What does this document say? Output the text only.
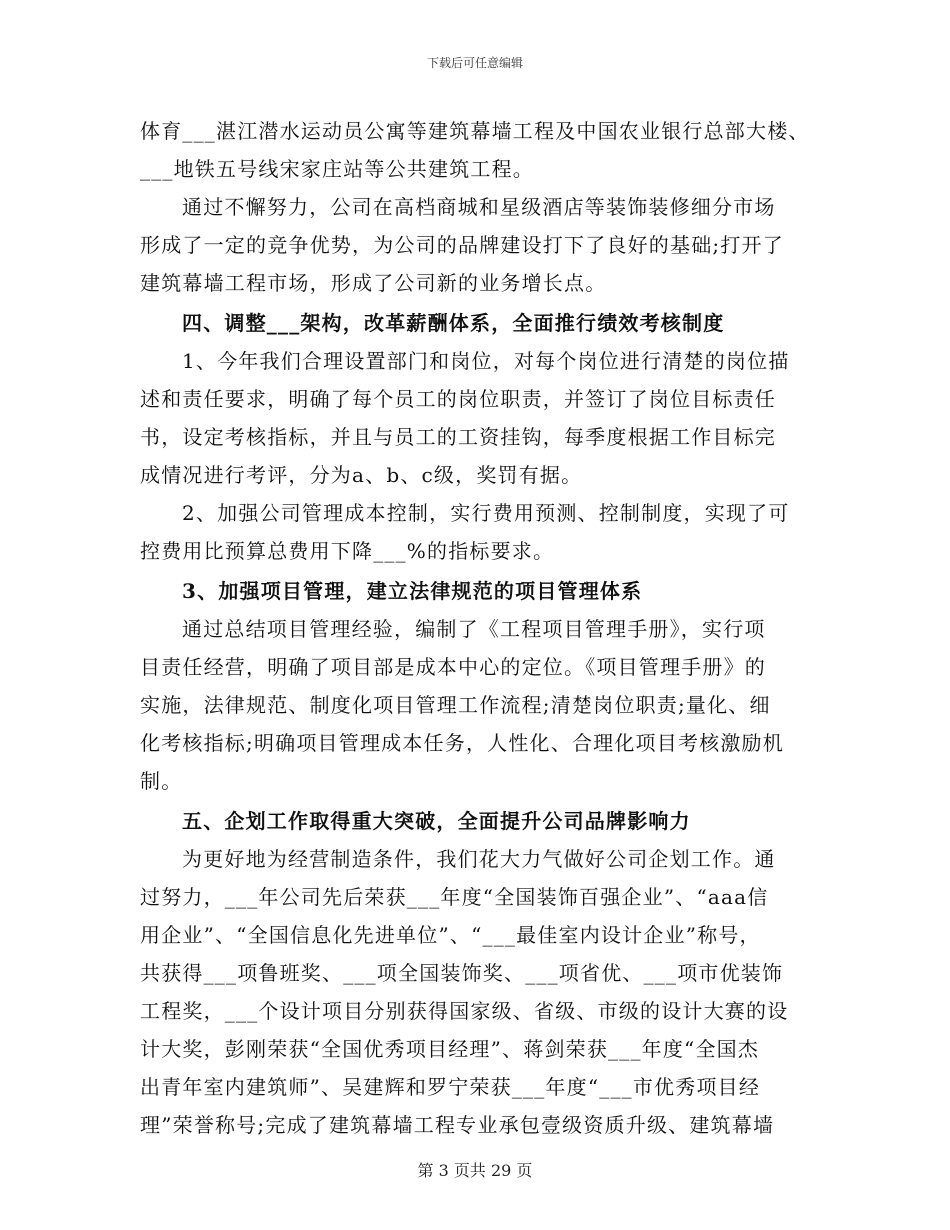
下载后可任意编辑
体育___湛江潜水运动员公寓等建筑幕墙工程及中国农业银行总部大楼、
___地铁五号线宋家庄站等公共建筑工程。
通过不懈努力，公司在高档商城和星级酒店等装饰装修细分市场
形成了一定的竞争优势，为公司的品牌建设打下了良好的基础;打开了
建筑幕墙工程市场，形成了公司新的业务增长点。
四、调整___架构，改革薪酬体系，全面推行绩效考核制度
1、今年我们合理设置部门和岗位，对每个岗位进行清楚的岗位描
述和责任要求，明确了每个员工的岗位职责，并签订了岗位目标责任
书，设定考核指标，并且与员工的工资挂钩，每季度根据工作目标完
成情况进行考评，分为a、b、c级，奖罚有据。
2、加强公司管理成本控制，实行费用预测、控制制度，实现了可
控费用比预算总费用下降___%的指标要求。
3、加强项目管理，建立法律规范的项目管理体系
通过总结项目管理经验，编制了《工程项目管理手册》，实行项
目责任经营，明确了项目部是成本中心的定位。《项目管理手册》的
实施，法律规范、制度化项目管理工作流程;清楚岗位职责;量化、细
化考核指标;明确项目管理成本任务，人性化、合理化项目考核激励机
制。
五、企划工作取得重大突破，全面提升公司品牌影响力
为更好地为经营制造条件，我们花大力气做好公司企划工作。通
过努力，___年公司先后荣获___年度“全国装饰百强企业”、“aaa信
用企业”、“全国信息化先进单位”、“___最佳室内设计企业”称号，
共获得___项鲁班奖、___项全国装饰奖、___项省优、___项市优装饰
工程奖，___个设计项目分别获得国家级、省级、市级的设计大赛的设
计大奖，彭刚荣获“全国优秀项目经理”、蒋剑荣获___年度“全国杰
出青年室内建筑师”、吴建辉和罗宁荣获___年度“___市优秀项目经
理”荣誉称号;完成了建筑幕墙工程专业承包壹级资质升级、建筑幕墙
第 3 页共 29 页
